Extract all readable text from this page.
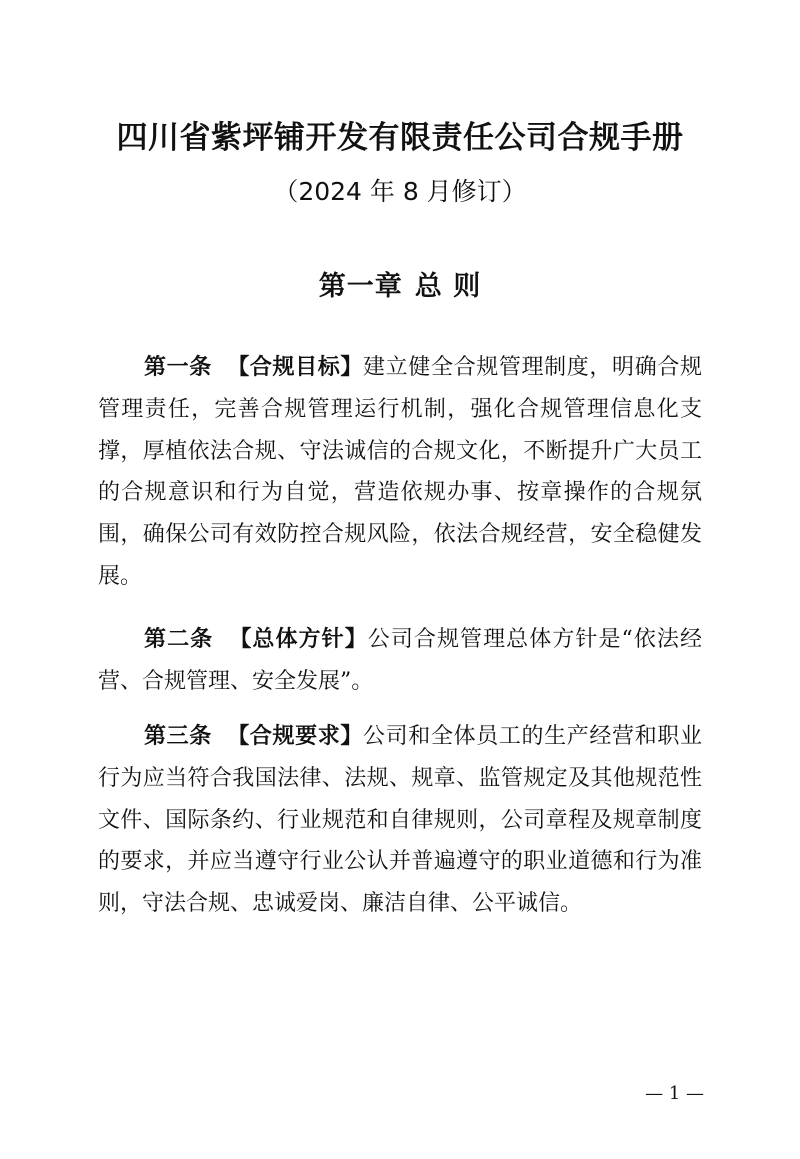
四川省紫坪铺开发有限责任公司合规手册

（2024 年 8 月修订）

第一章 总 则

第一条 【合规目标】建立健全合规管理制度，明确合规管理责任，完善合规管理运行机制，强化合规管理信息化支撑，厚植依法合规、守法诚信的合规文化，不断提升广大员工的合规意识和行为自觉，营造依规办事、按章操作的合规氛围，确保公司有效防控合规风险，依法合规经营，安全稳健发展。

第二条 【总体方针】公司合规管理总体方针是“依法经营、合规管理、安全发展”。

第三条 【合规要求】公司和全体员工的生产经营和职业行为应当符合我国法律、法规、规章、监管规定及其他规范性文件、国际条约、行业规范和自律规则，公司章程及规章制度的要求，并应当遵守行业公认并普遍遵守的职业道德和行为准则，守法合规、忠诚爱岗、廉洁自律、公平诚信。

— 1 —
